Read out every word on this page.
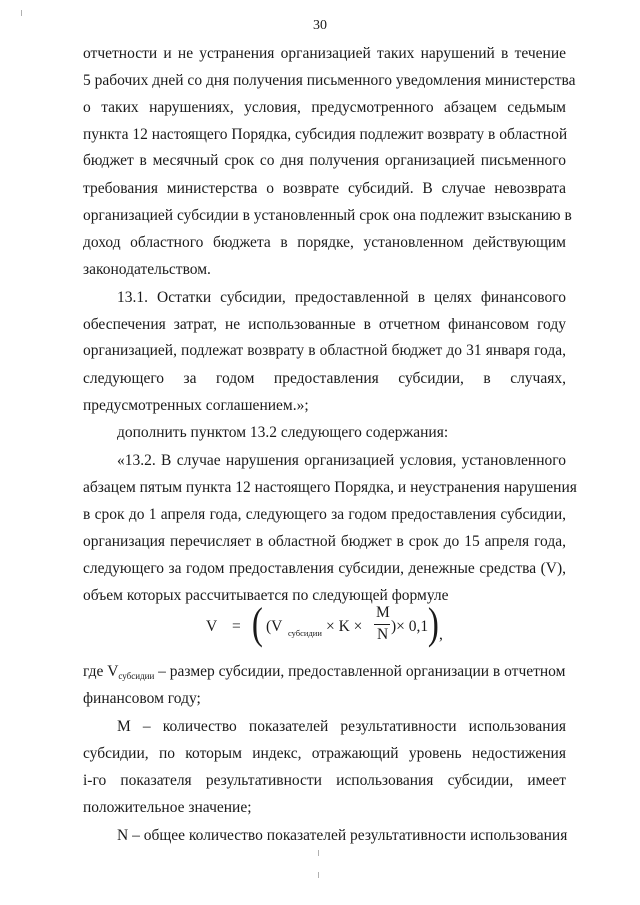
30
отчетности и не устранения организацией таких нарушений в течение
5 рабочих дней со дня получения письменного уведомления министерства
о таких нарушениях, условия, предусмотренного абзацем седьмым
пункта 12 настоящего Порядка, субсидия подлежит возврату в областной
бюджет в месячный срок со дня получения организацией письменного
требования министерства о возврате субсидий. В случае невозврата
организацией субсидии в установленный срок она подлежит взысканию в
доход областного бюджета в порядке, установленном действующим
законодательством.
13.1. Остатки субсидии, предоставленной в целях финансового
обеспечения затрат, не использованные в отчетном финансовом году
организацией, подлежат возврату в областной бюджет до 31 января года,
следующего за годом предоставления субсидии, в случаях,
предусмотренных соглашением.»;
дополнить пунктом 13.2 следующего содержания:
«13.2. В случае нарушения организацией условия, установленного
абзацем пятым пункта 12 настоящего Порядка, и неустранения нарушения
в срок до 1 апреля года, следующего за годом предоставления субсидии,
организация перечисляет в областной бюджет в срок до 15 апреля года,
следующего за годом предоставления субсидии, денежные средства (V),
объем которых рассчитывается по следующей формуле
V = ( (V субсидии × K ×
M
N )× 0,1 ) ,
где Vсубсидии – размер субсидии, предоставленной организации в отчетном
финансовом году;
М – количество показателей результативности использования
субсидии, по которым индекс, отражающий уровень недостижения
i-го показателя результативности использования субсидии, имеет
положительное значение;
N – общее количество показателей результативности использования
